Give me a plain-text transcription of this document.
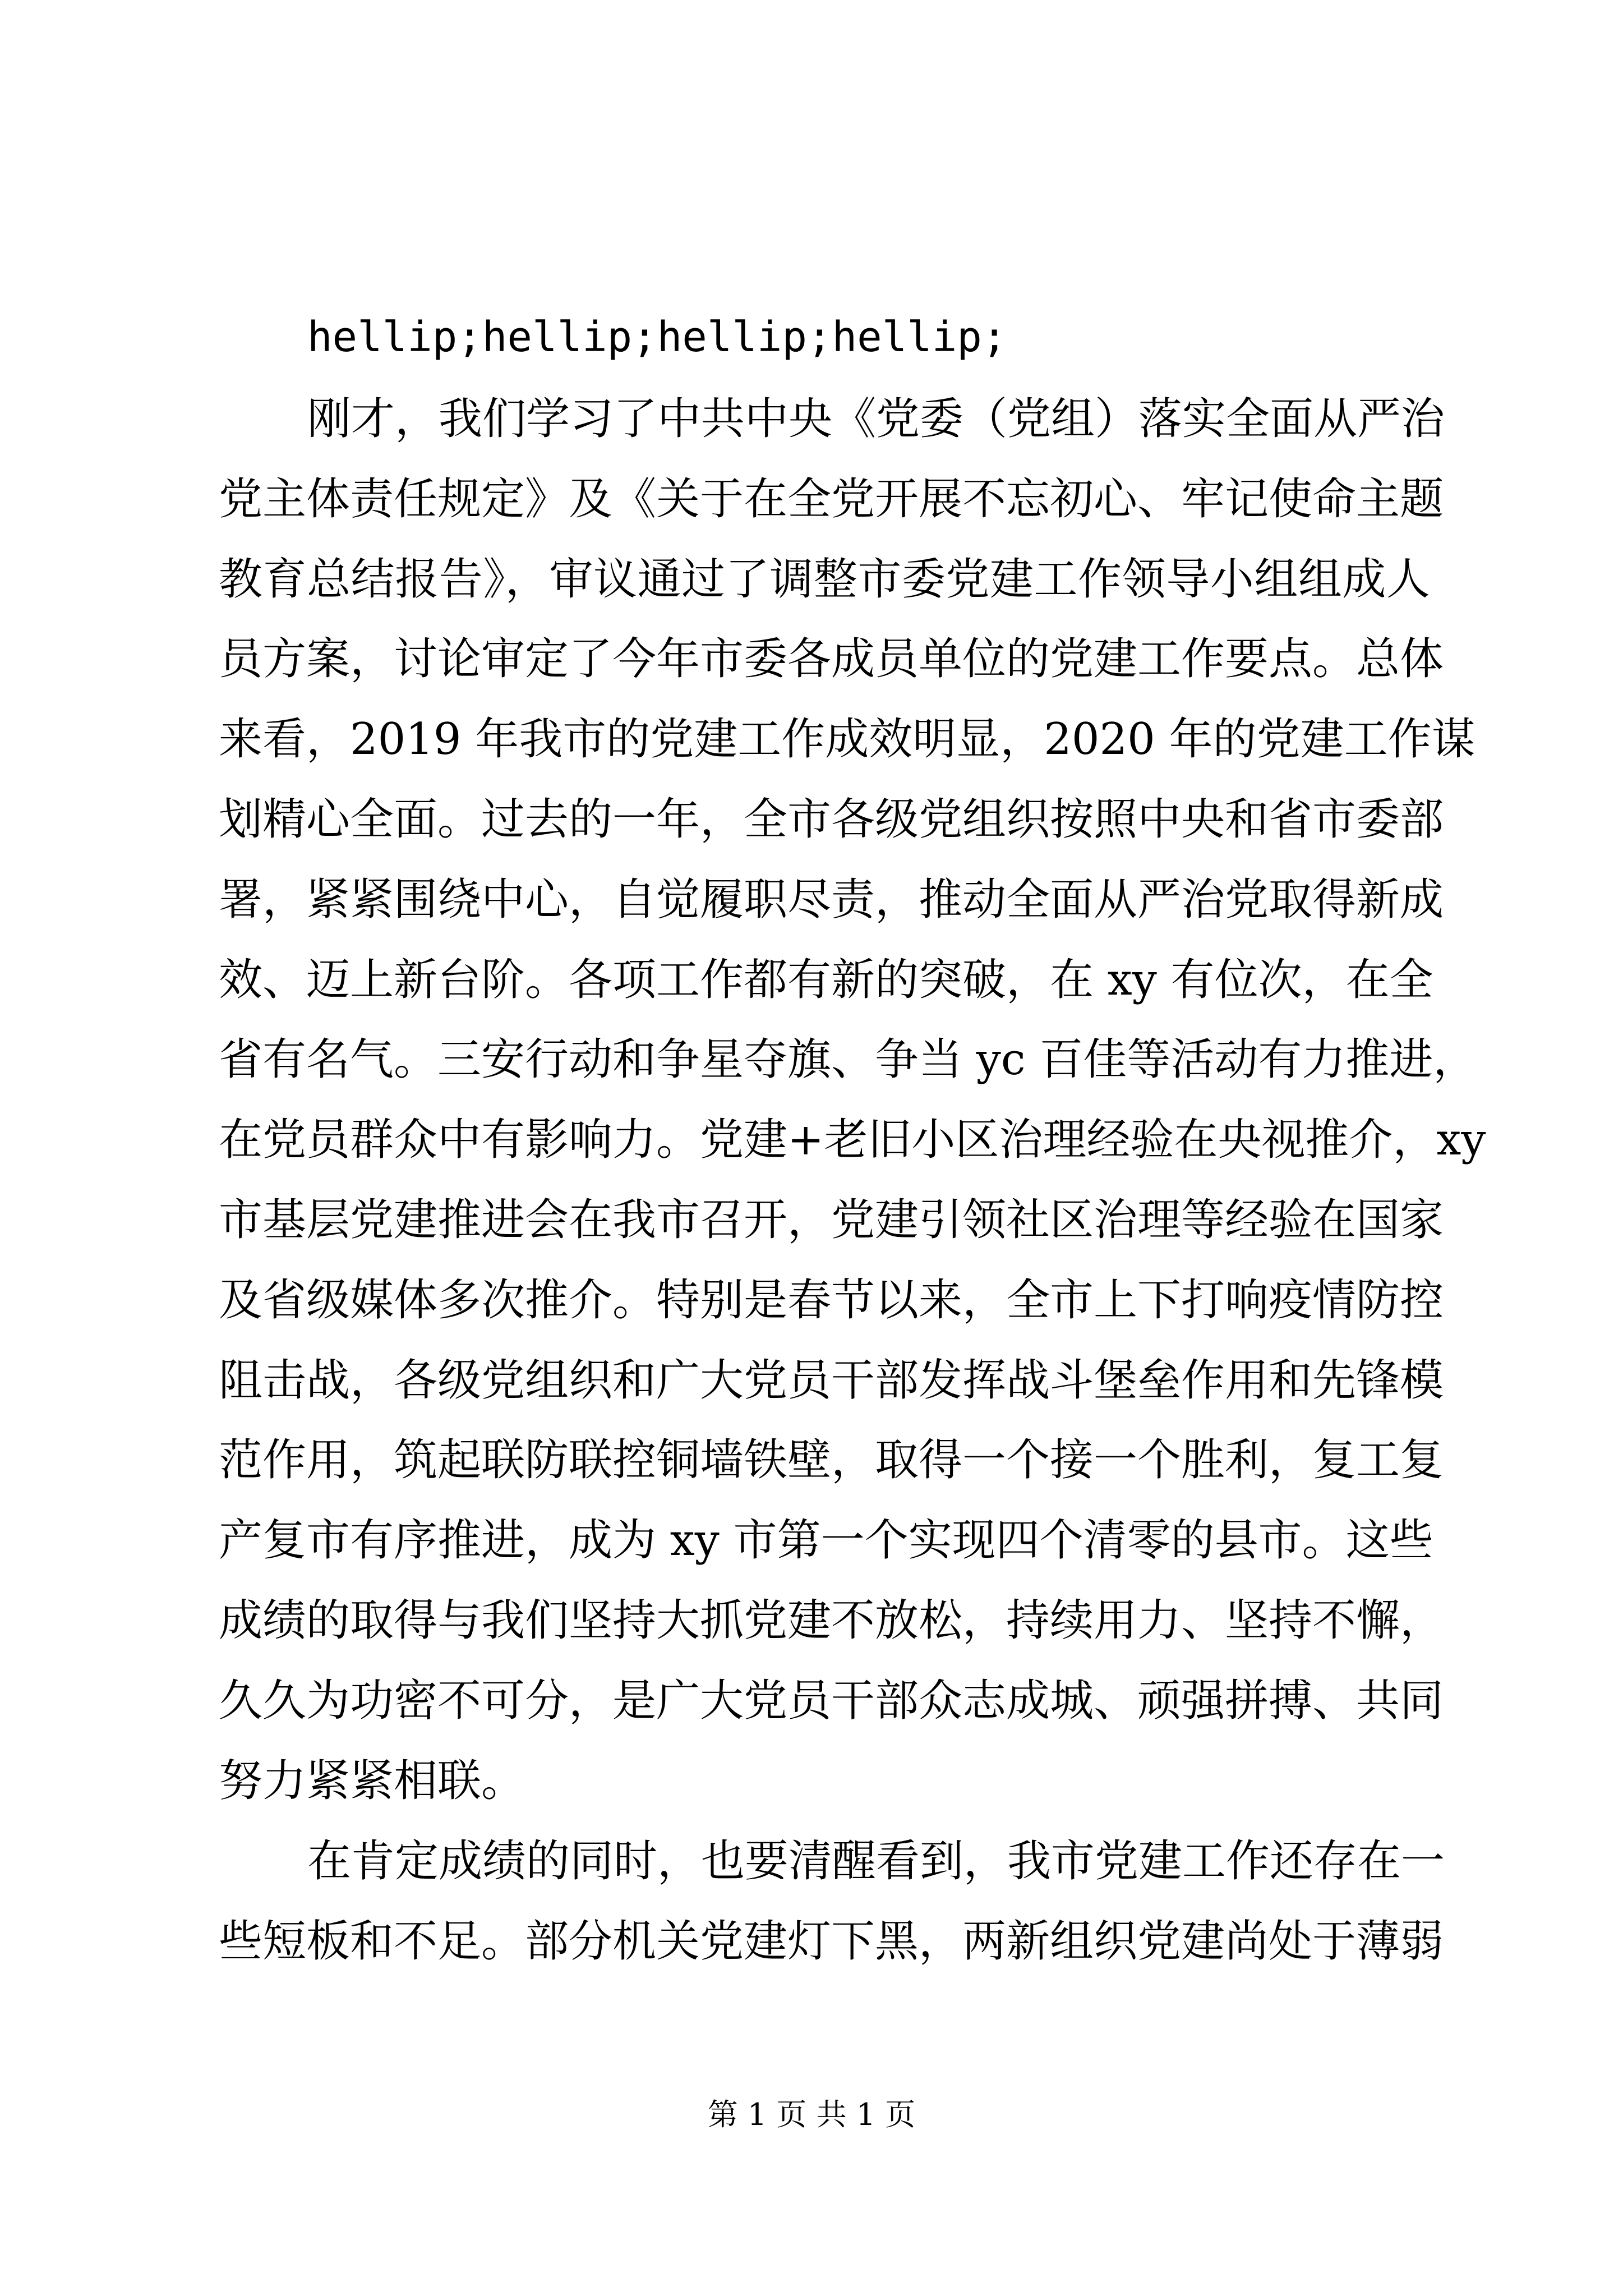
hellip;hellip;hellip;hellip;
刚才，我们学习了中共中央《党委（党组）落实全面从严治
党主体责任规定》及《关于在全党开展不忘初心、牢记使命主题
教育总结报告》，审议通过了调整市委党建工作领导小组组成人
员方案，讨论审定了今年市委各成员单位的党建工作要点。总体
来看，2019 年我市的党建工作成效明显，2020 年的党建工作谋
划精心全面。过去的一年，全市各级党组织按照中央和省市委部
署，紧紧围绕中心，自觉履职尽责，推动全面从严治党取得新成
效、迈上新台阶。各项工作都有新的突破，在 xy 有位次，在全
省有名气。三安行动和争星夺旗、争当 yc 百佳等活动有力推进，
在党员群众中有影响力。党建+老旧小区治理经验在央视推介，xy
市基层党建推进会在我市召开，党建引领社区治理等经验在国家
及省级媒体多次推介。特别是春节以来，全市上下打响疫情防控
阻击战，各级党组织和广大党员干部发挥战斗堡垒作用和先锋模
范作用，筑起联防联控铜墙铁壁，取得一个接一个胜利，复工复
产复市有序推进，成为 xy 市第一个实现四个清零的县市。这些
成绩的取得与我们坚持大抓党建不放松，持续用力、坚持不懈，
久久为功密不可分，是广大党员干部众志成城、顽强拼搏、共同
努力紧紧相联。
在肯定成绩的同时，也要清醒看到，我市党建工作还存在一
些短板和不足。部分机关党建灯下黑，两新组织党建尚处于薄弱
第 1 页 共 1 页
